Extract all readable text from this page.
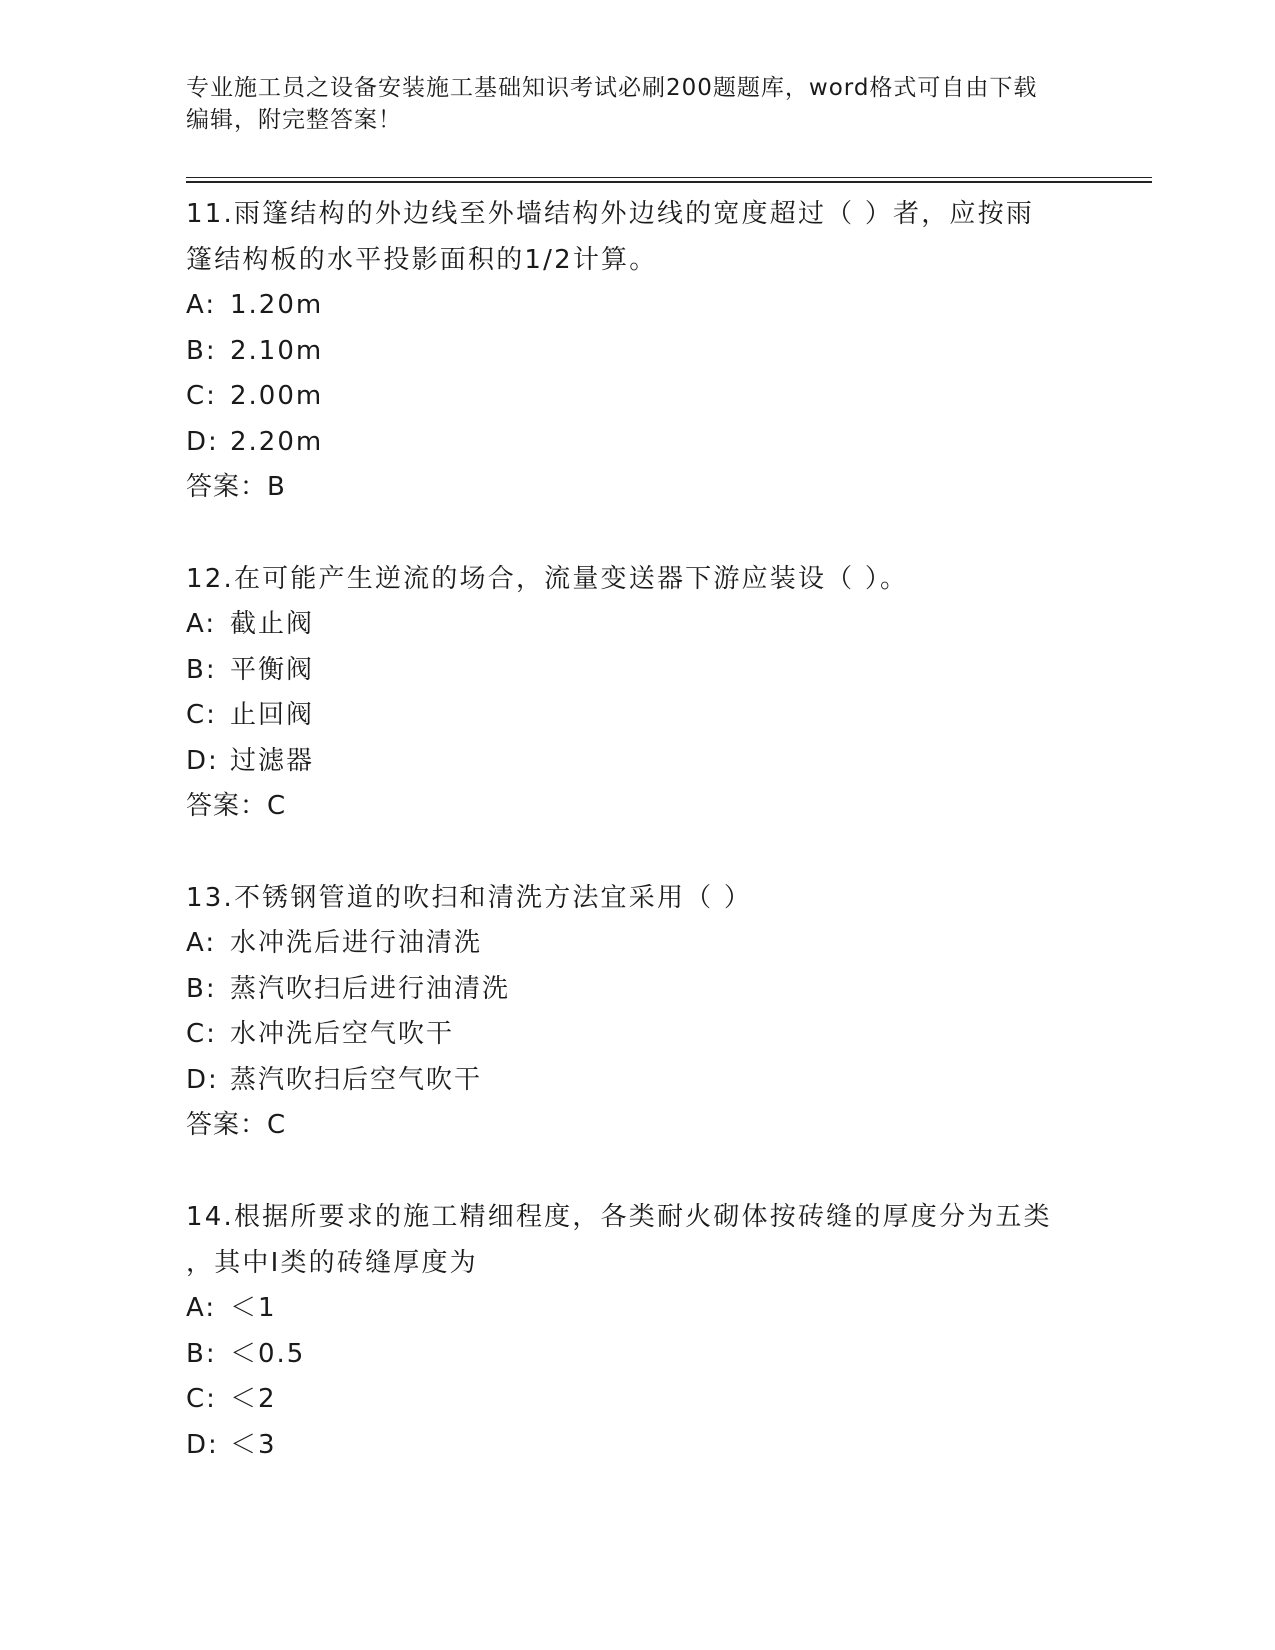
专业施工员之设备安装施工基础知识考试必刷200题题库，word格式可自由下载
编辑，附完整答案！
11.雨篷结构的外边线至外墙结构外边线的宽度超过（ ）者，应按雨
篷结构板的水平投影面积的1/2计算。
A: 1.20m
B: 2.10m
C: 2.00m
D: 2.20m
答案：B
12.在可能产生逆流的场合，流量变送器下游应装设（ ）。
A: 截止阀
B: 平衡阀
C: 止回阀
D: 过滤器
答案：C
13.不锈钢管道的吹扫和清洗方法宜采用（ ）
A: 水冲洗后进行油清洗
B: 蒸汽吹扫后进行油清洗
C: 水冲洗后空气吹干
D: 蒸汽吹扫后空气吹干
答案：C
14.根据所要求的施工精细程度，各类耐火砌体按砖缝的厚度分为五类
，其中Ⅰ类的砖缝厚度为
A: ＜1
B: ＜0.5
C: ＜2
D: ＜3
